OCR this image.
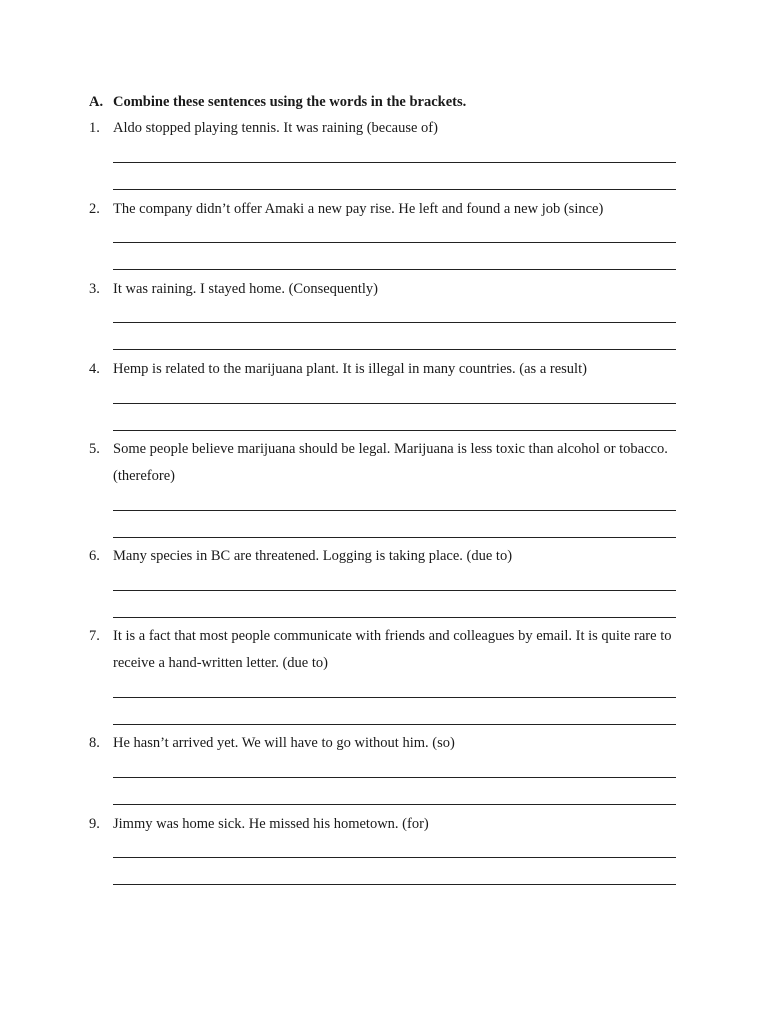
A. Combine these sentences using the words in the brackets.
1. Aldo stopped playing tennis. It was raining (because of)
2. The company didn’t offer Amaki a new pay rise. He left and found a new job (since)
3. It was raining. I stayed home. (Consequently)
4. Hemp is related to the marijuana plant. It is illegal in many countries. (as a result)
5. Some people believe marijuana should be legal. Marijuana is less toxic than alcohol or tobacco. (therefore)
6. Many species in BC are threatened. Logging is taking place. (due to)
7. It is a fact that most people communicate with friends and colleagues by email. It is quite rare to receive a hand-written letter. (due to)
8. He hasn’t arrived yet. We will have to go without him. (so)
9. Jimmy was home sick. He missed his hometown. (for)
